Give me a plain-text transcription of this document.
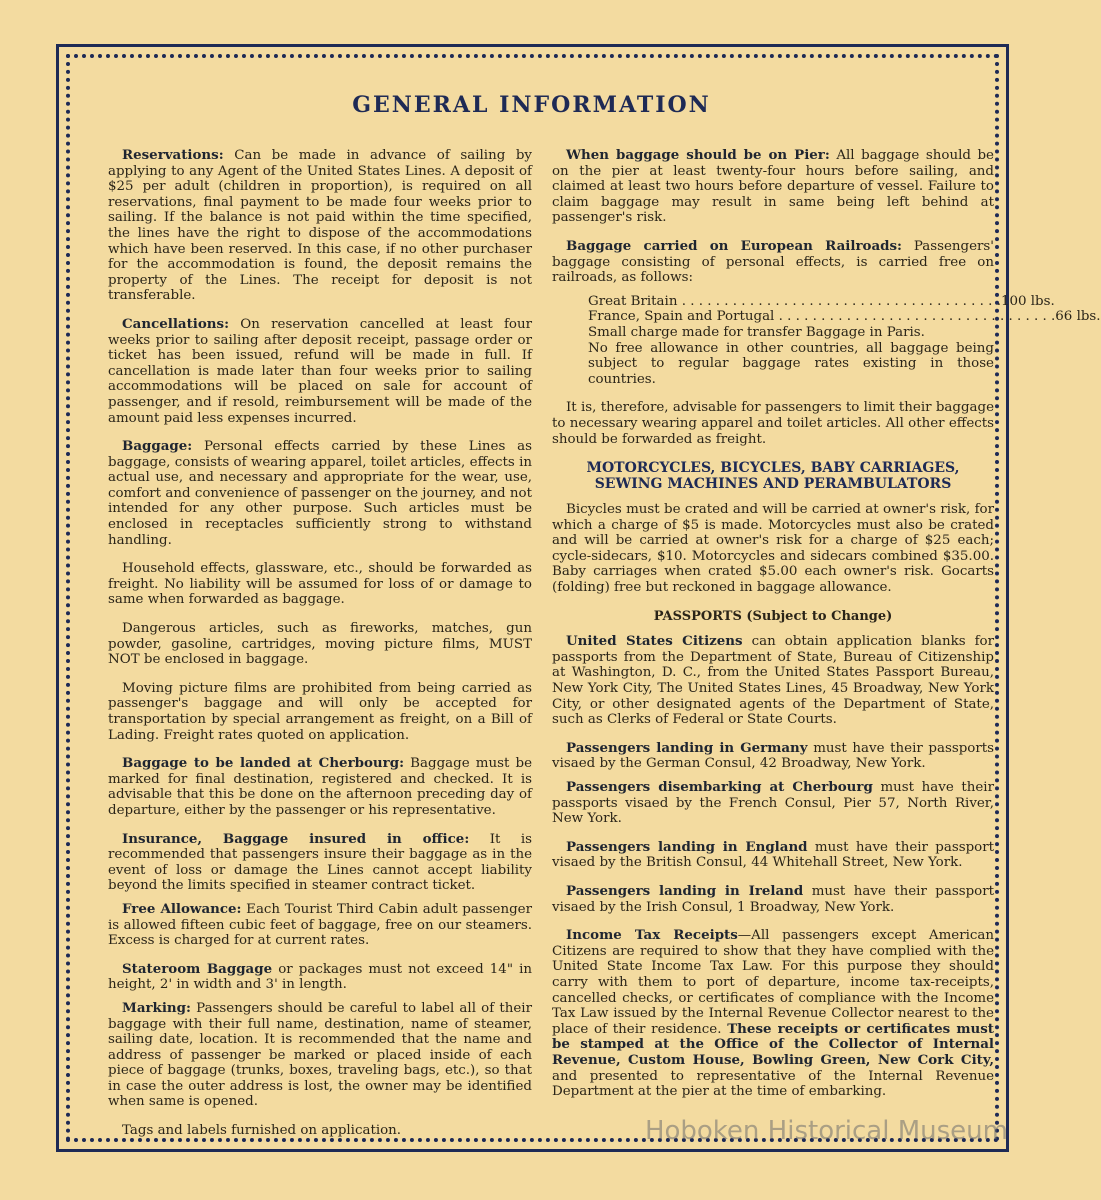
GENERAL INFORMATION

Reservations: Can be made in advance of sailing by applying to any Agent of the United States Lines. A deposit of $25 per adult (children in proportion), is required on all reservations, final payment to be made four weeks prior to sailing. If the balance is not paid within the time specified, the lines have the right to dispose of the accommodations which have been reserved. In this case, if no other purchaser for the accommodation is found, the deposit remains the property of the Lines. The receipt for deposit is not transferable.

Cancellations: On reservation cancelled at least four weeks prior to sailing after deposit receipt, passage order or ticket has been issued, refund will be made in full. If cancellation is made later than four weeks prior to sailing accommodations will be placed on sale for account of passenger, and if resold, reimbursement will be made of the amount paid less expenses incurred.

Baggage: Personal effects carried by these Lines as baggage, consists of wearing apparel, toilet articles, effects in actual use, and necessary and appropriate for the wear, use, comfort and convenience of passenger on the journey, and not intended for any other purpose. Such articles must be enclosed in receptacles sufficiently strong to withstand handling.

Household effects, glassware, etc., should be forwarded as freight. No liability will be assumed for loss of or damage to same when forwarded as baggage.

Dangerous articles, such as fireworks, matches, gun powder, gasoline, cartridges, moving picture films, MUST NOT be enclosed in baggage.

Moving picture films are prohibited from being carried as passenger's baggage and will only be accepted for transportation by special arrangement as freight, on a Bill of Lading. Freight rates quoted on application.

Baggage to be landed at Cherbourg: Baggage must be marked for final destination, registered and checked. It is advisable that this be done on the afternoon preceding day of departure, either by the passenger or his representative.

Insurance, Baggage insured in office: It is recommended that passengers insure their baggage as in the event of loss or damage the Lines cannot accept liability beyond the limits specified in steamer contract ticket.

Free Allowance: Each Tourist Third Cabin adult passenger is allowed fifteen cubic feet of baggage, free on our steamers. Excess is charged for at current rates.

Stateroom Baggage or packages must not exceed 14" in height, 2' in width and 3' in length.

Marking: Passengers should be careful to label all of their baggage with their full name, destination, name of steamer, sailing date, location. It is recommended that the name and address of passenger be marked or placed inside of each piece of baggage (trunks, boxes, traveling bags, etc.), so that in case the outer address is lost, the owner may be identified when same is opened.

Tags and labels furnished on application.

When baggage should be on Pier: All baggage should be on the pier at least twenty-four hours before sailing, and claimed at least two hours before departure of vessel. Failure to claim baggage may result in same being left behind at passenger's risk.

Baggage carried on European Railroads: Passengers' baggage consisting of personal effects, is carried free on railroads, as follows:

Great Britain . . . . . . . . . . . . . . . . . . . . . . . . . . . . . . . . . . . . . . 100 lbs.
France, Spain and Portugal . . . . . . . . . . . . . . . . . . . . . . . . . . . . . . . . . 66 lbs.
Small charge made for transfer Baggage in Paris.
No free allowance in other countries, all baggage being subject to regular baggage rates existing in those countries.

It is, therefore, advisable for passengers to limit their baggage to necessary wearing apparel and toilet articles. All other effects should be forwarded as freight.

MOTORCYCLES, BICYCLES, BABY CARRIAGES,
SEWING MACHINES AND PERAMBULATORS

Bicycles must be crated and will be carried at owner's risk, for which a charge of $5 is made. Motorcycles must also be crated and will be carried at owner's risk for a charge of $25 each; cycle-sidecars, $10. Motorcycles and sidecars combined $35.00. Baby carriages when crated $5.00 each owner's risk. Gocarts (folding) free but reckoned in baggage allowance.

PASSPORTS (Subject to Change)

United States Citizens can obtain application blanks for passports from the Department of State, Bureau of Citizenship at Washington, D. C., from the United States Passport Bureau, New York City, The United States Lines, 45 Broadway, New York City, or other designated agents of the Department of State, such as Clerks of Federal or State Courts.

Passengers landing in Germany must have their passports visaed by the German Consul, 42 Broadway, New York.

Passengers disembarking at Cherbourg must have their passports visaed by the French Consul, Pier 57, North River, New York.

Passengers landing in England must have their passport visaed by the British Consul, 44 Whitehall Street, New York.

Passengers landing in Ireland must have their passport visaed by the Irish Consul, 1 Broadway, New York.

Income Tax Receipts—All passengers except American Citizens are required to show that they have complied with the United State Income Tax Law. For this purpose they should carry with them to port of departure, income tax-receipts, cancelled checks, or certificates of compliance with the Income Tax Law issued by the Internal Revenue Collector nearest to the place of their residence. These receipts or certificates must be stamped at the Office of the Collector of Internal Revenue, Custom House, Bowling Green, New Cork City, and presented to representative of the Internal Revenue Department at the pier at the time of embarking.

Hoboken Historical Museum
